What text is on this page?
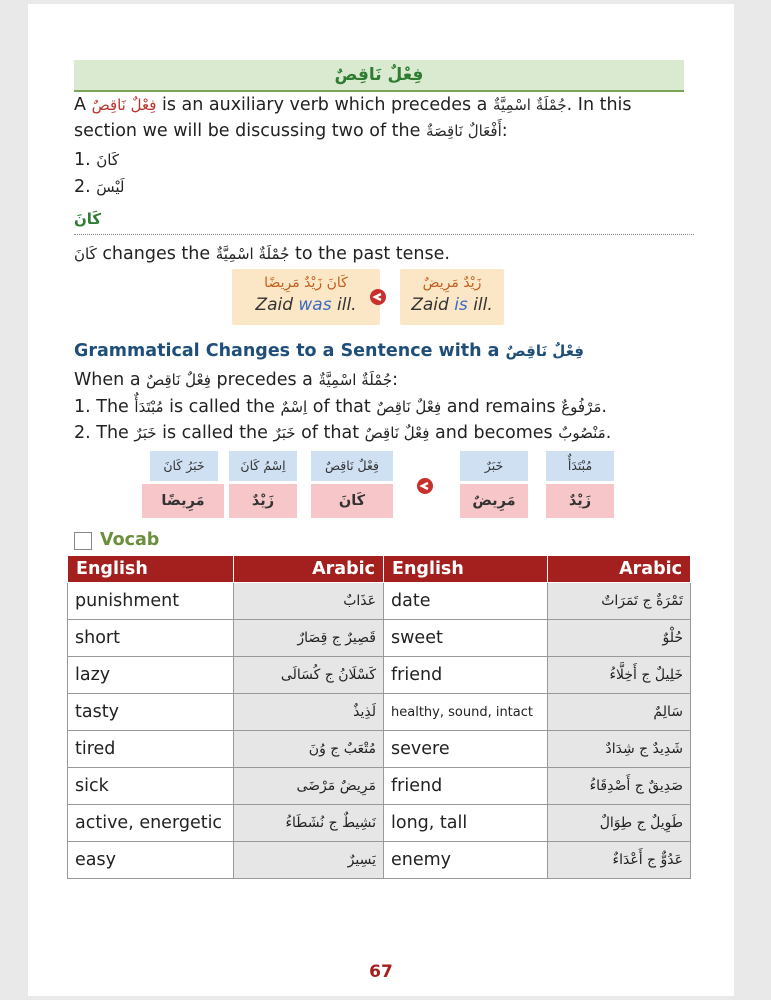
فِعْلٌ نَاقِصٌ
A فِعْلٌ نَاقِصٌ is an auxiliary verb which precedes a جُمْلَةٌ اسْمِيَّةٌ. In this
section we will be discussing two of the أَفْعَالٌ نَاقِصَةٌ:
1. كَانَ
2. لَيْسَ
كَانَ
كَانَ changes the جُمْلَةٌ اسْمِيَّةٌ to the past tense.
كَانَ زَيْدٌ مَرِيضًا
Zaid was ill.
زَيْدٌ مَرِيضٌ
Zaid is ill.
Grammatical Changes to a Sentence with a فِعْلٌ نَاقِصٌ
When a فِعْلٌ نَاقِصٌ precedes a جُمْلَةٌ اسْمِيَّةٌ:
1. The مُبْتَدَأٌ is called the اِسْمٌ of that فِعْلٌ نَاقِصٌ and remains مَرْفُوعٌ.
2. The خَبَرٌ is called the خَبَرٌ of that فِعْلٌ نَاقِصٌ and becomes مَنْصُوبٌ.
خَبَرُ كَانَ	اِسْمُ كَانَ	فِعْلٌ نَاقِصٌ
مَرِيضًا	زَيْدٌ	كَانَ
خَبَرٌ	مُبْتَدَأٌ
مَرِيضٌ	زَيْدٌ
Vocab
English	Arabic	English	Arabic
punishment	عَذَابٌ	date	تَمْرَةٌ ج تَمَرَاتٌ
short	قَصِيرٌ ج قِصَارٌ	sweet	حُلْوٌ
lazy	كَسْلَانُ ج كُسَالَى	friend	خَلِيلٌ ج أَخِلَّاءُ
tasty	لَذِيذٌ	healthy, sound, intact	سَالِمٌ
tired	مُتْعَبٌ ج وُنَ	severe	شَدِيدٌ ج شِدَادٌ
sick	مَرِيضٌ مَرْضَى	friend	صَدِيقٌ ج أَصْدِقَاءُ
active, energetic	نَشِيطٌ ج نُشَطَاءُ	long, tall	طَوِيلٌ ج طِوَالٌ
easy	يَسِيرٌ	enemy	عَدُوٌّ ج أَعْدَاءٌ
67
